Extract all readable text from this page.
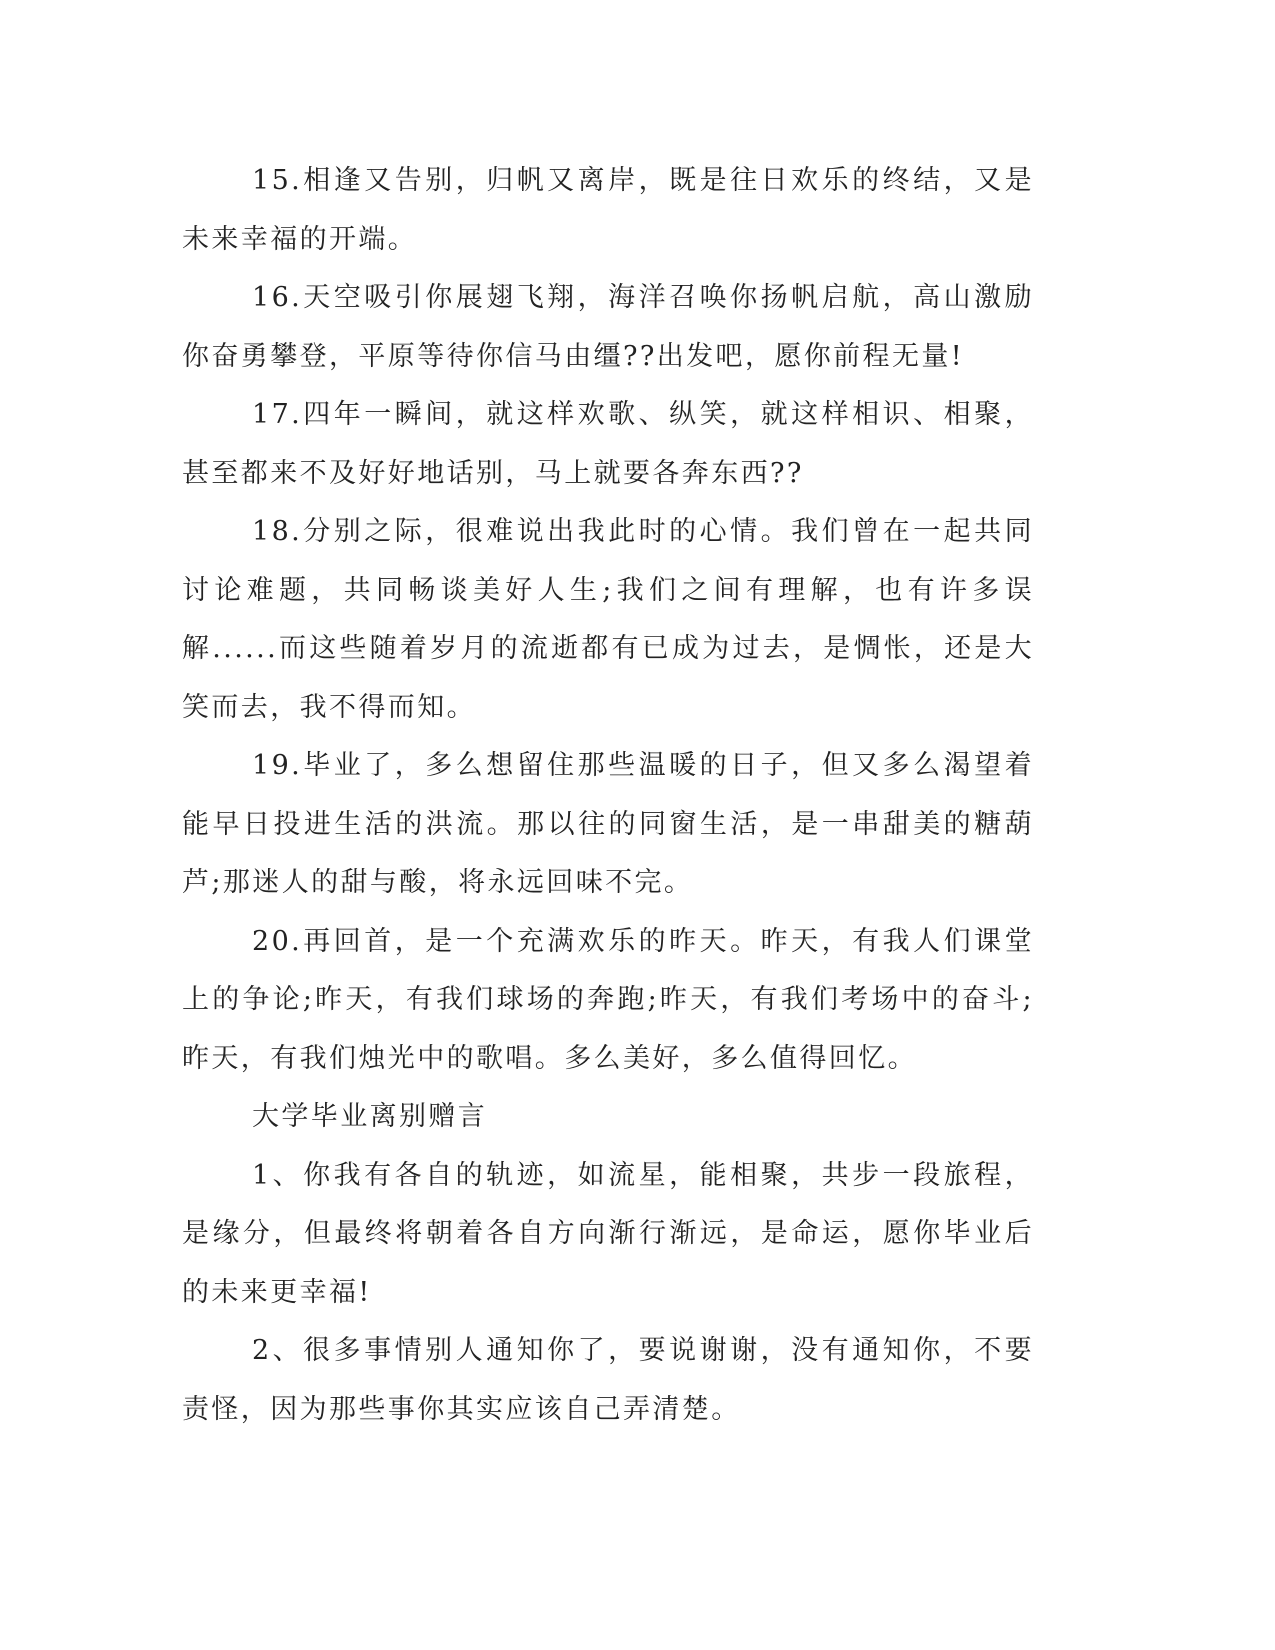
15.相逢又告别，归帆又离岸，既是往日欢乐的终结，又是未来幸福的开端。

16.天空吸引你展翅飞翔，海洋召唤你扬帆启航，高山激励你奋勇攀登，平原等待你信马由缰??出发吧，愿你前程无量!

17.四年一瞬间，就这样欢歌、纵笑，就这样相识、相聚，甚至都来不及好好地话别，马上就要各奔东西??

18.分别之际，很难说出我此时的心情。我们曾在一起共同讨论难题，共同畅谈美好人生;我们之间有理解，也有许多误解......而这些随着岁月的流逝都有已成为过去，是惆怅，还是大笑而去，我不得而知。

19.毕业了，多么想留住那些温暖的日子，但又多么渴望着能早日投进生活的洪流。那以往的同窗生活，是一串甜美的糖葫芦;那迷人的甜与酸，将永远回味不完。

20.再回首，是一个充满欢乐的昨天。昨天，有我人们课堂上的争论;昨天，有我们球场的奔跑;昨天，有我们考场中的奋斗;昨天，有我们烛光中的歌唱。多么美好，多么值得回忆。

大学毕业离别赠言

1、你我有各自的轨迹，如流星，能相聚，共步一段旅程，是缘分，但最终将朝着各自方向渐行渐远，是命运，愿你毕业后的未来更幸福!

2、很多事情别人通知你了，要说谢谢，没有通知你，不要责怪，因为那些事你其实应该自己弄清楚。
